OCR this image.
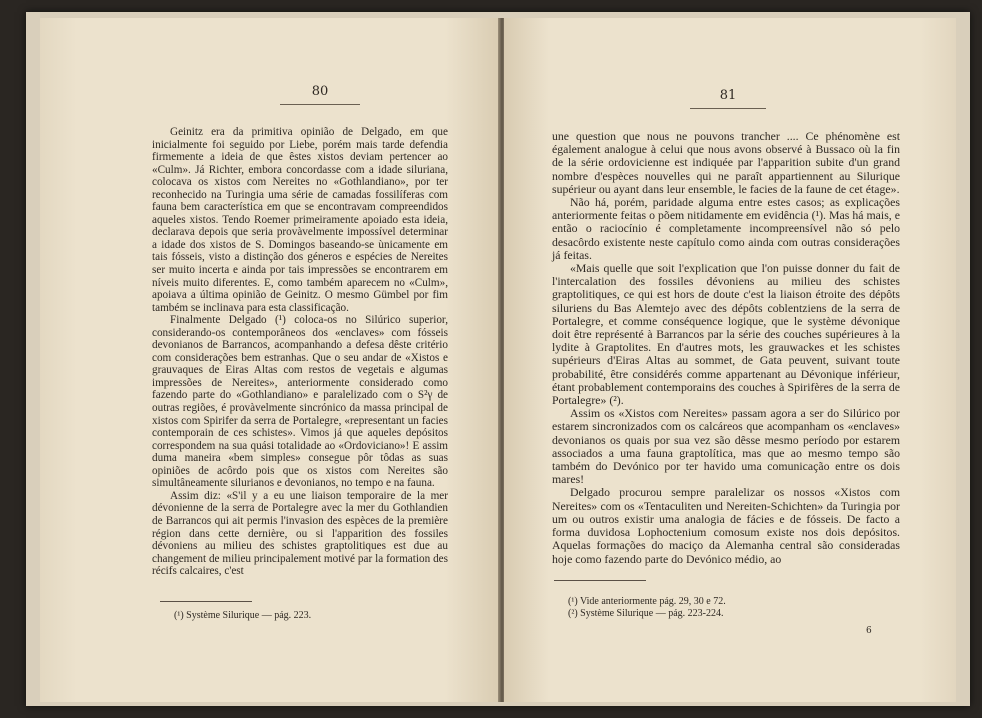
80

Geinitz era da primitiva opinião de Delgado, em que inicialmente foi seguido por Liebe, porém mais tarde defendia firmemente a ideia de que êstes xistos deviam pertencer ao «Culm». Já Richter, embora concordasse com a idade siluriana, colocava os xistos com Nereites no «Gothlandiano», por ter reconhecido na Turingia uma série de camadas fossilíferas com fauna bem característica em que se encontravam compreendidos aqueles xistos. Tendo Roemer primeiramente apoiado esta ideia, declarava depois que seria provàvelmente impossível determinar a idade dos xistos de S. Domingos baseando-se ùnicamente em tais fósseis, visto a distinção dos géneros e espécies de Nereites ser muito incerta e ainda por tais impressões se encontrarem em níveis muito diferentes. E, como também aparecem no «Culm», apoiava a última opinião de Geinitz. O mesmo Gümbel por fim também se inclinava para esta classificação.

Finalmente Delgado (¹) coloca-os no Silúrico superior, considerando-os contemporâneos dos «enclaves» com fósseis devonianos de Barrancos, acompanhando a defesa dêste critério com considerações bem estranhas. Que o seu andar de «Xistos e grauvaques de Eiras Altas com restos de vegetais e algumas impressões de Nereites», anteriormente considerado como fazendo parte do «Gothlandiano» e paralelizado com o S²γ de outras regiões, é provàvelmente sincrónico da massa principal de xistos com Spirifer da serra de Portalegre, «representant un facies contemporain de ces schistes». Vimos já que aqueles depósitos correspondem na sua quási totalidade ao «Ordoviciano»! E assim duma maneira «bem simples» consegue pôr tôdas as suas opiniões de acôrdo pois que os xistos com Nereites são simultâneamente silurianos e devonianos, no tempo e na fauna.

Assim diz: «S'il y a eu une liaison temporaire de la mer dévonienne de la serra de Portalegre avec la mer du Gothlandien de Barrancos qui ait permis l'invasion des espèces de la première région dans cette dernière, ou si l'apparition des fossiles dévoniens au milieu des schistes graptolitiques est due au changement de milieu principalement motivé par la formation des récifs calcaires, c'est

(¹) Système Silurique — pág. 223.
81

une question que nous ne pouvons trancher .... Ce phénomène est également analogue à celui que nous avons observé à Bussaco où la fin de la série ordovicienne est indiquée par l'apparition subite d'un grand nombre d'espèces nouvelles qui ne paraît appartiennent au Silurique supérieur ou ayant dans leur ensemble, le facies de la faune de cet étage».

Não há, porém, paridade alguma entre estes casos; as explicações anteriormente feitas o põem nitidamente em evidência (¹). Mas há mais, e então o raciocínio é completamente incompreensível não só pelo desacôrdo existente neste capítulo como ainda com outras considerações já feitas.

«Mais quelle que soit l'explication que l'on puisse donner du fait de l'intercalation des fossiles dévoniens au milieu des schistes graptolitiques, ce qui est hors de doute c'est la liaison étroite des dépôts siluriens du Bas Alemtejo avec des dépôts coblentziens de la serra de Portalegre, et comme conséquence logique, que le système dévonique doit être représenté à Barrancos par la série des couches supérieures à la lydite à Graptolites. En d'autres mots, les grauwackes et les schistes supérieurs d'Eiras Altas au sommet, de Gata peuvent, suivant toute probabilité, être considérés comme appartenant au Dévonique inférieur, étant probablement contemporains des couches à Spirifères de la serra de Portalegre» (²).

Assim os «Xistos com Nereites» passam agora a ser do Silúrico por estarem sincronizados com os calcáreos que acompanham os «enclaves» devonianos os quais por sua vez são dêsse mesmo período por estarem associados a uma fauna graptolítica, mas que ao mesmo tempo são também do Devónico por ter havido uma comunicação entre os dois mares!

Delgado procurou sempre paralelizar os nossos «Xistos com Nereites» com os «Tentaculiten und Nereiten-Schichten» da Turingia por um ou outros existir uma analogia de fácies e de fósseis. De facto a forma duvidosa Lophoctenium comosum existe nos dois depósitos. Aquelas formações do maciço da Alemanha central são consideradas hoje como fazendo parte do Devónico médio, ao

(¹) Vide anteriormente pág. 29, 30 e 72.
(²) Système Silurique — pág. 223-224.
6
